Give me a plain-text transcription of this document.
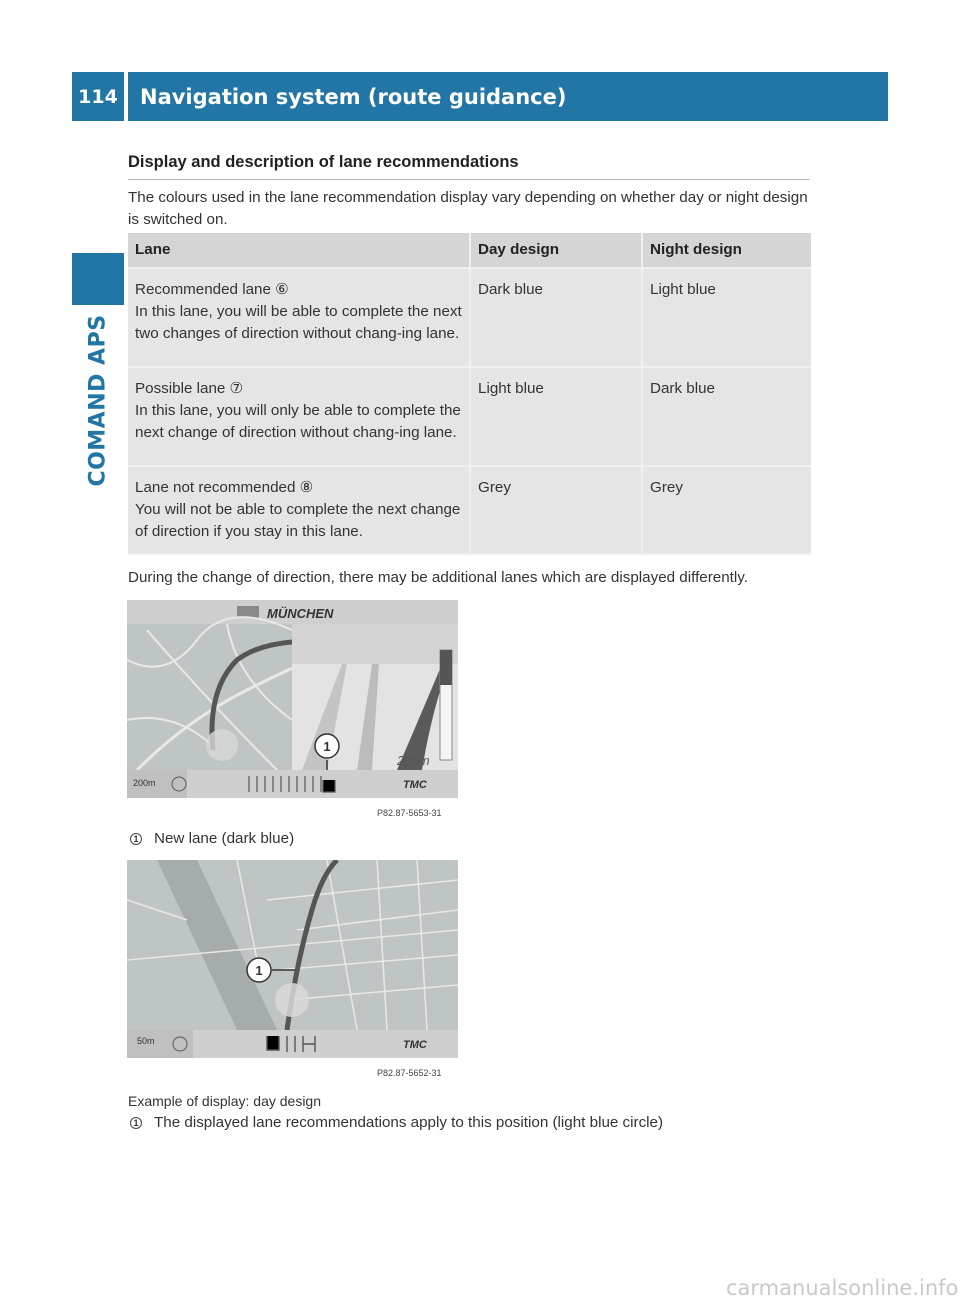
114	Navigation system (route guidance)
COMAND APS
Display and description of lane recommendations
The colours used in the lane recommendation display vary depending on whether day or night design is switched on.
Lane	Day design	Night design

Recommended lane ⑥
In this lane, you will be able to complete the next two changes of direction without chang-ing lane.	Dark blue	Light blue

Possible lane ⑦
In this lane, you will only be able to complete the next change of direction without chang-ing lane.	Light blue	Dark blue

Lane not recommended ⑧
You will not be able to complete the next change of direction if you stay in this lane.	Grey	Grey
During the change of direction, there may be additional lanes which are displayed differently.
MÜNCHEN
200m
1
200m	TMC
P82.87-5653-31
1 New lane (dark blue)
1
50m	TMC
P82.87-5652-31
Example of display: day design
1 The displayed lane recommendations apply to this position (light blue circle)
carmanualsonline.info
